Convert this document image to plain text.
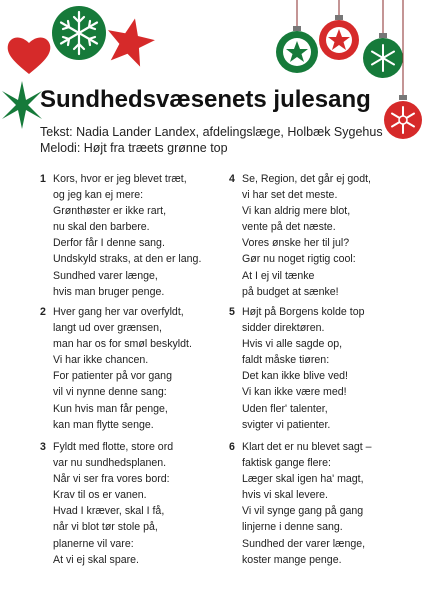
Sundhedsvæsenets julesang
Tekst: Nadia Lander Landex, afdelingslæge, Holbæk Sygehus
Melodi: Højt fra træets grønne top
1 Kors, hvor er jeg blevet træt,
og jeg kan ej mere:
Grønthøster er ikke rart,
nu skal den barbere.
Derfor får I denne sang.
Undskyld straks, at den er lang.
Sundhed varer længe,
hvis man bruger penge.
2 Hver gang her var overfyldt,
langt ud over grænsen,
man har os for smøl beskyldt.
Vi har ikke chancen.
For patienter på vor gang
vil vi nynne denne sang:
Kun hvis man får penge,
kan man flytte senge.
3 Fyldt med flotte, store ord
var nu sundhedsplanen.
Når vi ser fra vores bord:
Krav til os er vanen.
Hvad I kræver, skal I få,
når vi blot tør stole på,
planerne vil vare:
At vi ej skal spare.
4 Se, Region, det går ej godt,
vi har set det meste.
Vi kan aldrig mere blot,
vente på det næste.
Vores ønske her til jul?
Gør nu noget rigtig cool:
At I ej vil tænke
på budget at sænke!
5 Højt på Borgens kolde top
sidder direktøren.
Hvis vi alle sagde op,
faldt måske tiøren:
Det kan ikke blive ved!
Vi kan ikke være med!
Uden fler' talenter,
svigter vi patienter.
6 Klart det er nu blevet sagt –
faktisk gange flere:
Læger skal igen ha' magt,
hvis vi skal levere.
Vi vil synge gang på gang
linjerne i denne sang.
Sundhed der varer længe,
koster mange penge.
